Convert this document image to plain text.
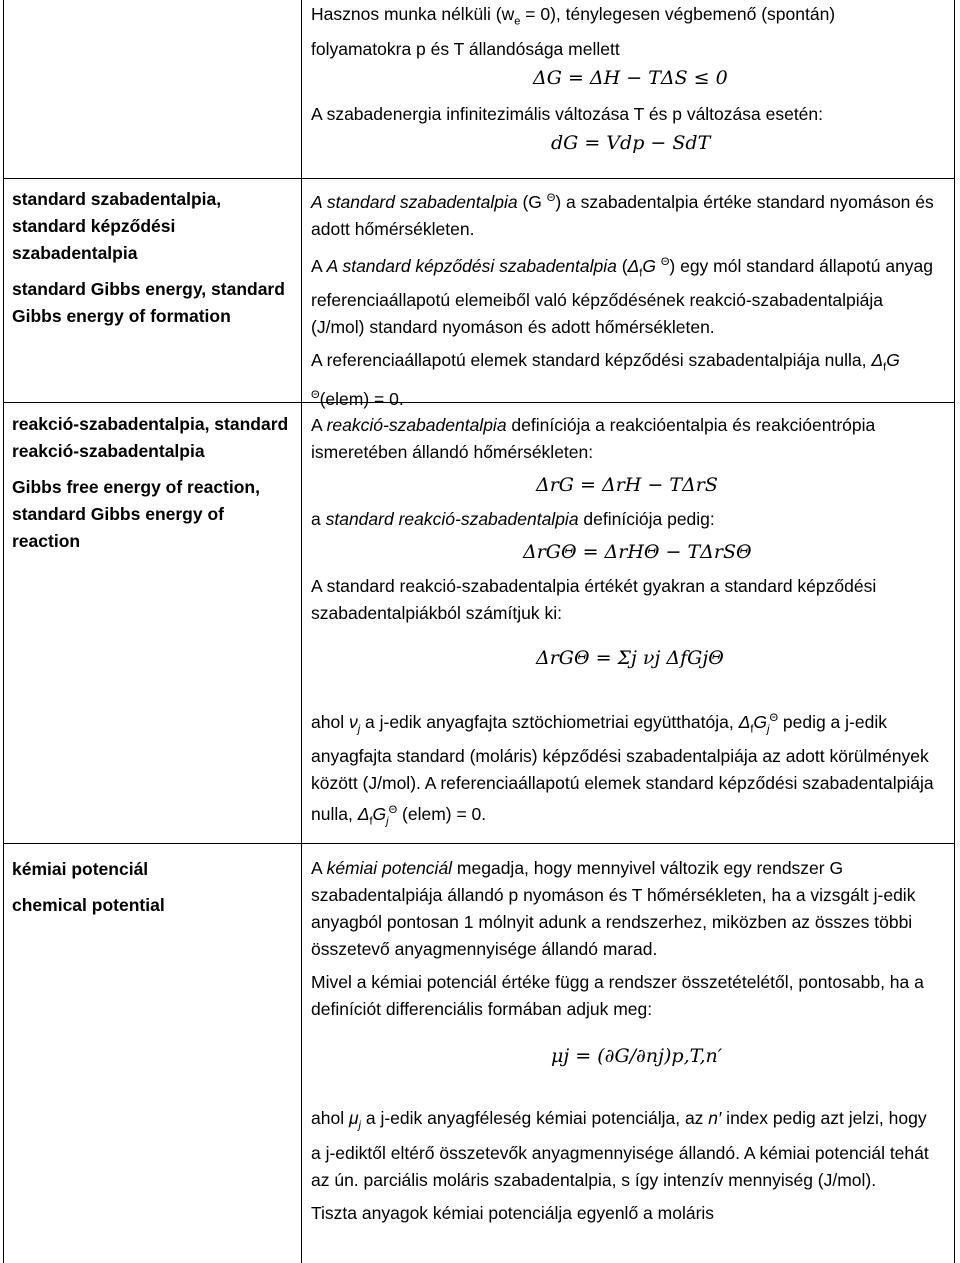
Hasznos munka nélküli $(w_e = 0)$, ténylegesen végbemenő (spontán)
folyamatokra p és T állandósága mellett
ΔG = ΔH − TΔS ≤ 0
A szabadenergia infinitezimális változása T és p változása esetén:
dG = Vdp − SdT

standard szabadentalpia, standard képződési szabadentalpia

standard Gibbs energy, standard Gibbs energy of formation

A standard szabadentalpia (G $^\Theta$) a szabadentalpia értéke standard nyomáson és adott hőmérsékleten.

A A standard képződési szabadentalpia ($\Delta_fG$ $^\Theta$) egy mól standard állapotú anyag referenciaállapotú elemeiből való képződésének reakció-szabadentalpiája (J/mol) standard nyomáson és adott hőmérsékleten.

A referenciaállapotú elemek standard képződési szabadentalpiája nulla, $\Delta_fG$ $^\Theta$(elem) = 0.

reakció-szabadentalpia, standard reakció-szabadentalpia

Gibbs free energy of reaction, standard Gibbs energy of reaction

A reakció-szabadentalpia definíciója a reakcióentalpia és reakcióentrópia ismeretében állandó hőmérsékleten:

ΔrG = ΔrH − TΔrS

a standard reakció-szabadentalpia definíciója pedig:

ΔrGΘ = ΔrHΘ − TΔrSΘ

A standard reakció-szabadentalpia értékét gyakran a standard képződési szabadentalpiákból számítjuk ki:

ΔrGΘ = Σj νj ΔfGjΘ

ahol $\nu_j$ a j-edik anyagfajta sztöchiometriai együtthatója, $\Delta_fG_j^\Theta$ pedig a j-edik anyagfajta standard (moláris) képződési szabadentalpiája az adott körülmények között (J/mol). A referenciaállapotú elemek standard képződési szabadentalpiája nulla, $\Delta_fG_j^\Theta$ (elem) = 0.

kémiai potenciál

chemical potential

A kémiai potenciál megadja, hogy mennyivel változik egy rendszer G szabadentalpiája állandó p nyomáson és T hőmérsékleten, ha a vizsgált j-edik anyagból pontosan 1 mólnyit adunk a rendszerhez, miközben az összes többi összetevő anyagmennyisége állandó marad.

Mivel a kémiai potenciál értéke függ a rendszer összetételétől, pontosabb, ha a definíciót differenciális formában adjuk meg:

μj = (∂G/∂nj)p,T,n′

ahol $\mu_j$ a j-edik anyagféleség kémiai potenciálja, az n′ index pedig azt jelzi, hogy a j-ediktől eltérő összetevők anyagmennyisége állandó. A kémiai potenciál tehát az ún. parciális moláris szabadentalpia, s így intenzív mennyiség (J/mol).

Tiszta anyagok kémiai potenciálja egyenlő a moláris
